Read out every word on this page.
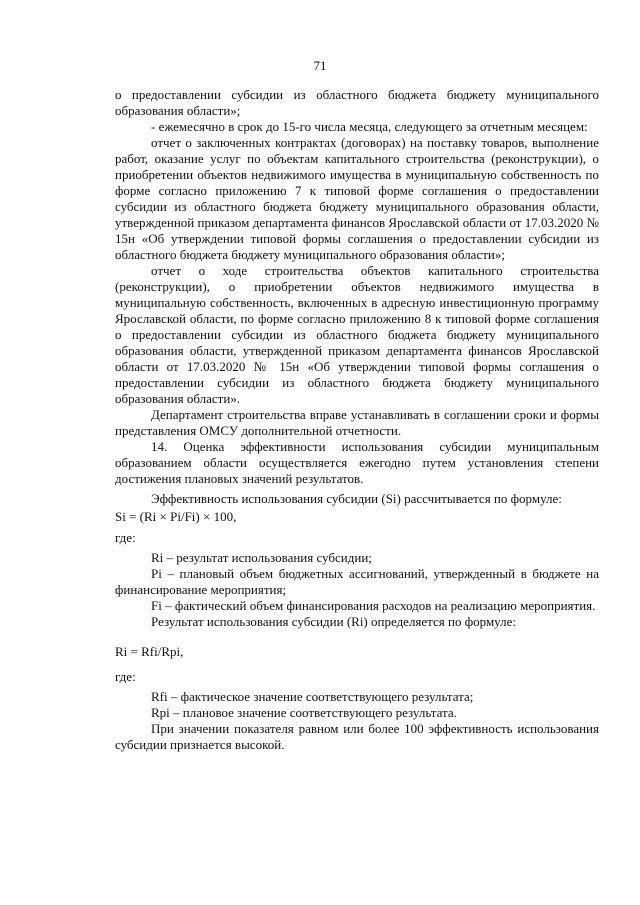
71

о предоставлении субсидии из областного бюджета бюджету муниципального образования области»;

- ежемесячно в срок до 15-го числа месяца, следующего за отчетным месяцем:

отчет о заключенных контрактах (договорах) на поставку товаров, выполнение работ, оказание услуг по объектам капитального строительства (реконструкции), о приобретении объектов недвижимого имущества в муниципальную собственность по форме согласно приложению 7 к типовой форме соглашения о предоставлении субсидии из областного бюджета бюджету муниципального образования области, утвержденной приказом департамента финансов Ярославской области от 17.03.2020 № 15н «Об утверждении типовой формы соглашения о предоставлении субсидии из областного бюджета бюджету муниципального образования области»;

отчет о ходе строительства объектов капитального строительства (реконструкции), о приобретении объектов недвижимого имущества в муниципальную собственность, включенных в адресную инвестиционную программу Ярославской области, по форме согласно приложению 8 к типовой форме соглашения о предоставлении субсидии из областного бюджета бюджету муниципального образования области, утвержденной приказом департамента финансов Ярославской области от 17.03.2020 № 15н «Об утверждении типовой формы соглашения о предоставлении субсидии из областного бюджета бюджету муниципального образования области».

Департамент строительства вправе устанавливать в соглашении сроки и формы представления ОМСУ дополнительной отчетности.

14. Оценка эффективности использования субсидии муниципальным образованием области осуществляется ежегодно путем установления степени достижения плановых значений результатов.

Эффективность использования субсидии (Si) рассчитывается по формуле:

Si = (Ri × Pi/Fi) × 100,

где:

Ri – результат использования субсидии;

Pi – плановый объем бюджетных ассигнований, утвержденный в бюджете на финансирование мероприятия;

Fi – фактический объем финансирования расходов на реализацию мероприятия.

Результат использования субсидии (Ri) определяется по формуле:

Ri = Rfi/Rpi,

где:

Rfi – фактическое значение соответствующего результата;

Rpi – плановое значение соответствующего результата.

При значении показателя равном или более 100 эффективность использования субсидии признается высокой.
